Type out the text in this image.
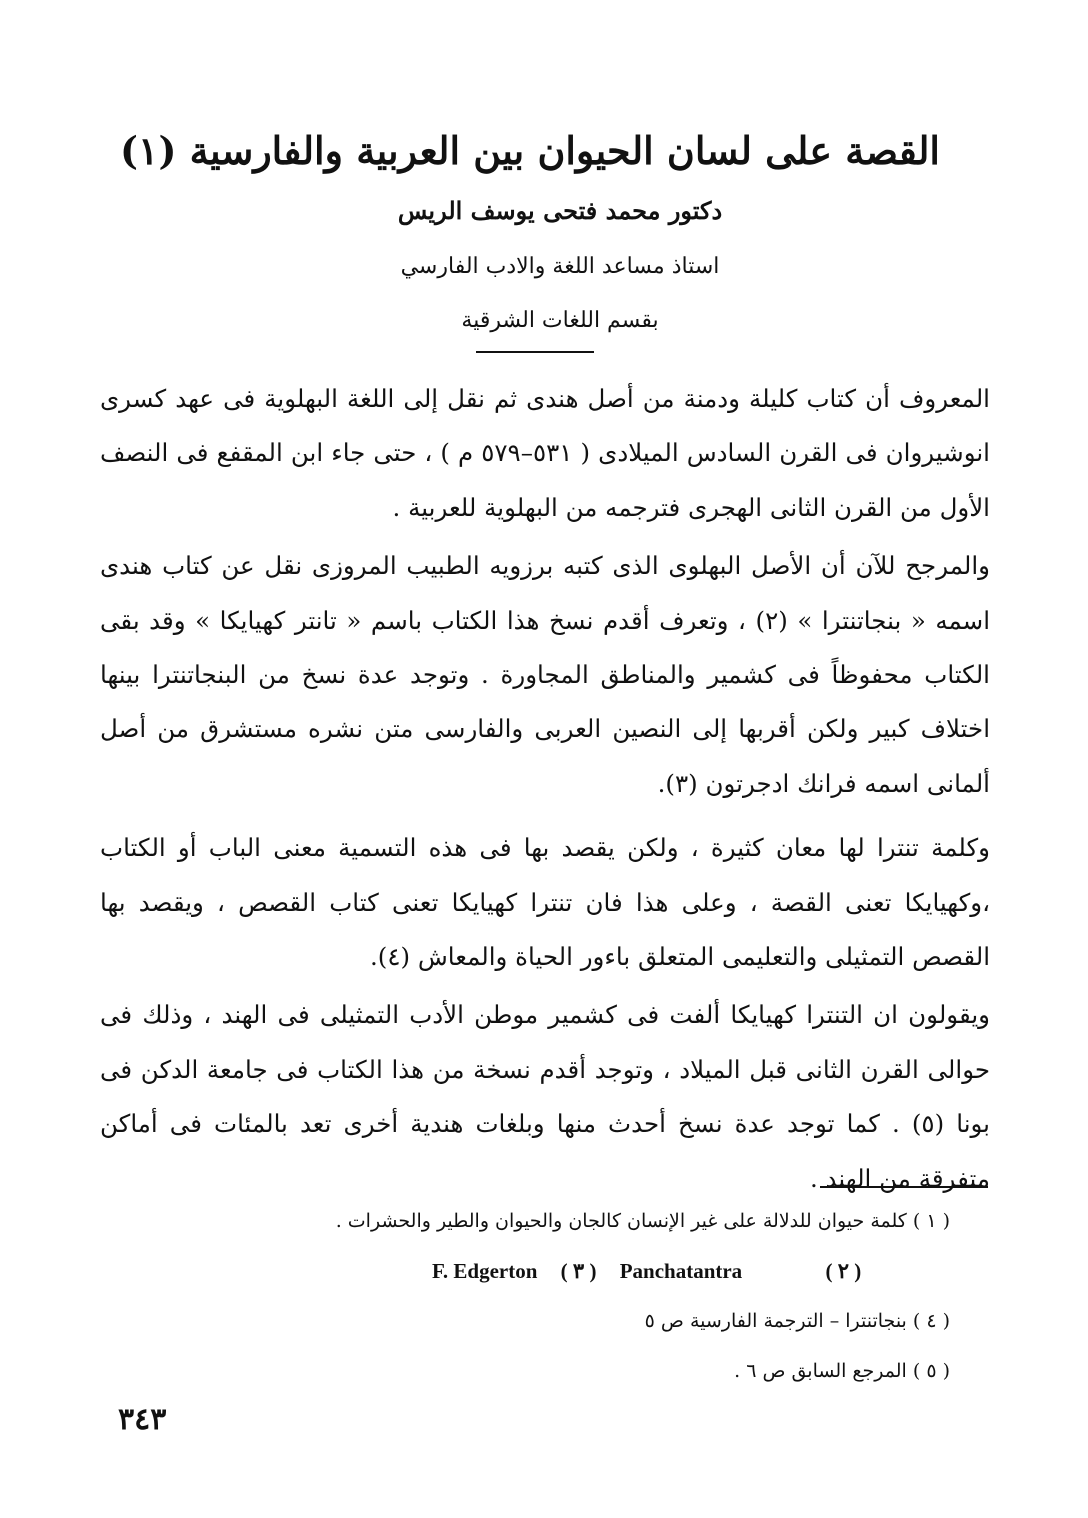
القصة على لسان الحيوان بين العربية والفارسية (١)
دكتور محمد فتحى يوسف الريس
استاذ مساعد اللغة والادب الفارسي
بقسم اللغات الشرقية

المعروف أن كتاب كليلة ودمنة من أصل هندى ثم نقل إلى اللغة البهلوية فى عهد كسرى انوشيروان فى القرن السادس الميلادى ( ٥٣١–٥٧٩ م ) ، حتى جاء ابن المقفع فى النصف الأول من القرن الثانى الهجرى فترجمه من البهلوية للعربية .

والمرجح للآن أن الأصل البهلوى الذى كتبه برزويه الطبيب المروزى نقل عن كتاب هندى اسمه « بنجاتنترا » (٢) ، وتعرف أقدم نسخ هذا الكتاب باسم « تانتر كهيايكا » وقد بقى الكتاب محفوظاً فى كشمير والمناطق المجاورة . وتوجد عدة نسخ من البنجاتنترا بينها اختلاف كبير ولكن أقربها إلى النصين العربى والفارسى متن نشره مستشرق من أصل ألمانى اسمه فرانك ادجرتون (٣).

وكلمة تنترا لها معان كثيرة ، ولكن يقصد بها فى هذه التسمية معنى الباب أو الكتاب ،وكهيايكا تعنى القصة ، وعلى هذا فان تنترا كهيايكا تعنى كتاب القصص ، ويقصد بها القصص التمثيلى والتعليمى المتعلق باءور الحياة والمعاش (٤).

ويقولون ان التنترا كهيايكا ألفت فى كشمير موطن الأدب التمثيلى فى الهند ، وذلك فى حوالى القرن الثانى قبل الميلاد ، وتوجد أقدم نسخة من هذا الكتاب فى جامعة الدكن فى بونا (٥) . كما توجد عدة نسخ أحدث منها وبلغات هندية أخرى تعد بالمئات فى أماكن متفرقة من الهند .

( ١ ) كلمة حيوان للدلالة على غير الإنسان كالجان والحيوان والطير والحشرات .
F. Edgerton ( ٣ ) Panchatantra	( ٢ )
( ٤ ) بنجاتنترا – الترجمة الفارسية ص ٥
( ٥ ) المرجع السابق ص ٦ .
٣٤٣
